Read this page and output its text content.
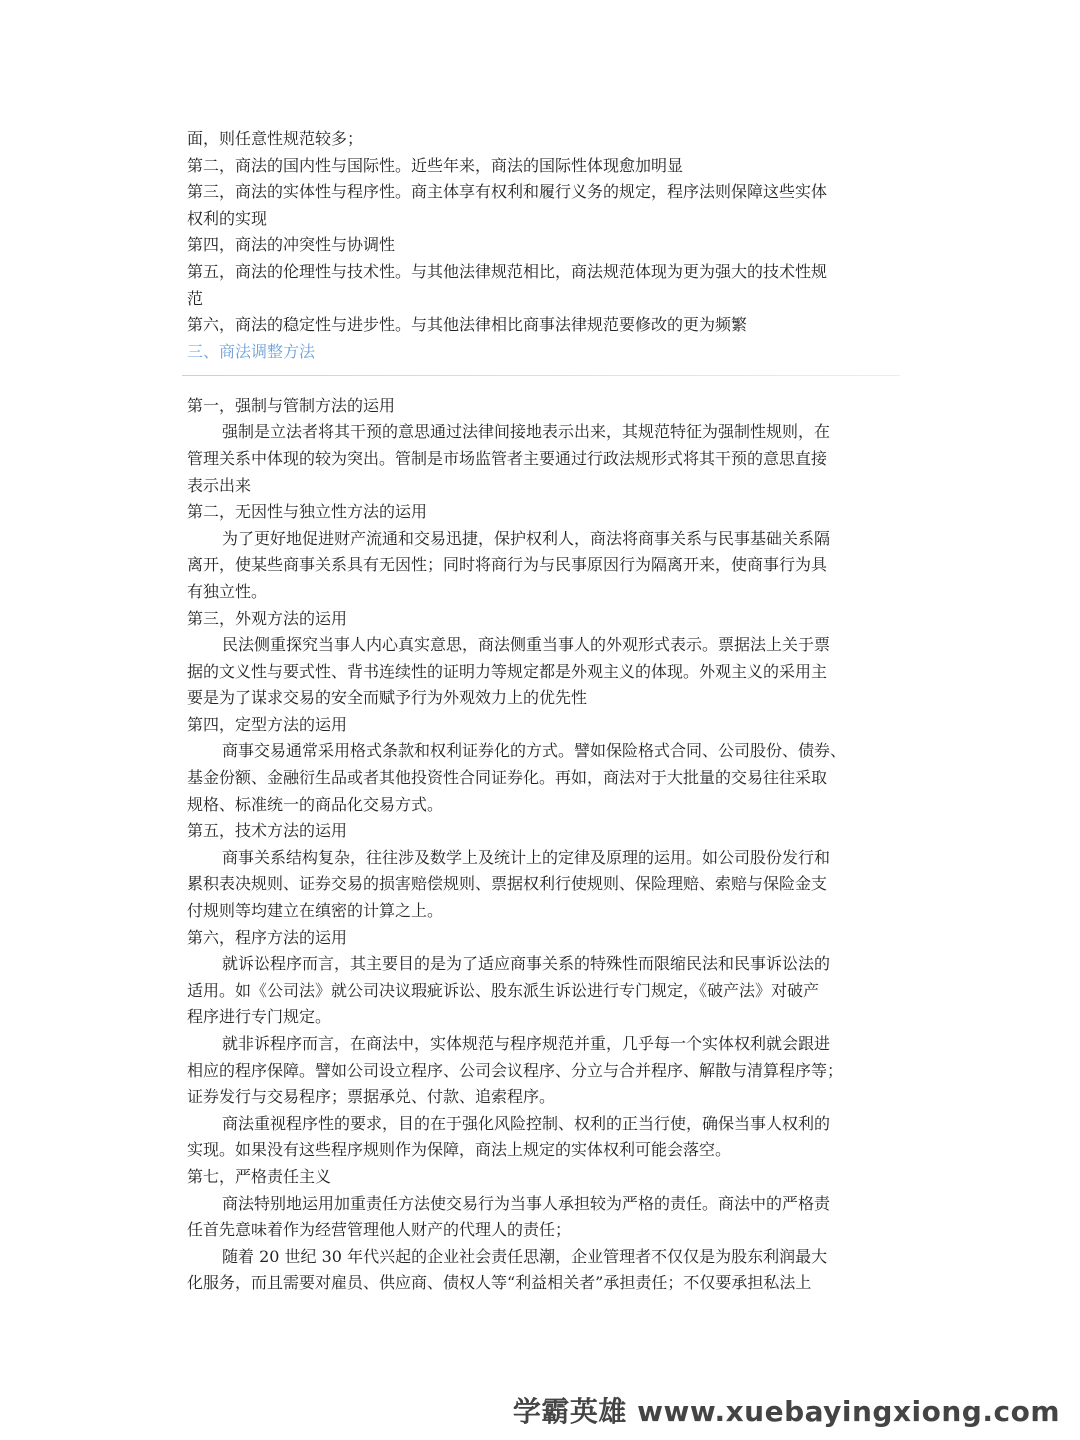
面，则任意性规范较多；
第二，商法的国内性与国际性。近些年来，商法的国际性体现愈加明显
第三，商法的实体性与程序性。商主体享有权利和履行义务的规定，程序法则保障这些实体
权利的实现
第四，商法的冲突性与协调性
第五，商法的伦理性与技术性。与其他法律规范相比，商法规范体现为更为强大的技术性规
范
第六，商法的稳定性与进步性。与其他法律相比商事法律规范要修改的更为频繁
三、商法调整方法
第一，强制与管制方法的运用
强制是立法者将其干预的意思通过法律间接地表示出来，其规范特征为强制性规则，在
管理关系中体现的较为突出。管制是市场监管者主要通过行政法规形式将其干预的意思直接
表示出来
第二，无因性与独立性方法的运用
为了更好地促进财产流通和交易迅捷，保护权利人，商法将商事关系与民事基础关系隔
离开，使某些商事关系具有无因性；同时将商行为与民事原因行为隔离开来，使商事行为具
有独立性。
第三，外观方法的运用
民法侧重探究当事人内心真实意思，商法侧重当事人的外观形式表示。票据法上关于票
据的文义性与要式性、背书连续性的证明力等规定都是外观主义的体现。外观主义的采用主
要是为了谋求交易的安全而赋予行为外观效力上的优先性
第四，定型方法的运用
商事交易通常采用格式条款和权利证券化的方式。譬如保险格式合同、公司股份、债券、
基金份额、金融衍生品或者其他投资性合同证券化。再如，商法对于大批量的交易往往采取
规格、标准统一的商品化交易方式。
第五，技术方法的运用
商事关系结构复杂，往往涉及数学上及统计上的定律及原理的运用。如公司股份发行和
累积表决规则、证券交易的损害赔偿规则、票据权利行使规则、保险理赔、索赔与保险金支
付规则等均建立在缜密的计算之上。
第六，程序方法的运用
就诉讼程序而言，其主要目的是为了适应商事关系的特殊性而限缩民法和民事诉讼法的
适用。如《公司法》就公司决议瑕疵诉讼、股东派生诉讼进行专门规定，《破产法》对破产
程序进行专门规定。
就非诉程序而言，在商法中，实体规范与程序规范并重，几乎每一个实体权利就会跟进
相应的程序保障。譬如公司设立程序、公司会议程序、分立与合并程序、解散与清算程序等；
证券发行与交易程序；票据承兑、付款、追索程序。
商法重视程序性的要求，目的在于强化风险控制、权利的正当行使，确保当事人权利的
实现。如果没有这些程序规则作为保障，商法上规定的实体权利可能会落空。
第七，严格责任主义
商法特别地运用加重责任方法使交易行为当事人承担较为严格的责任。商法中的严格责
任首先意味着作为经营管理他人财产的代理人的责任；
随着 20 世纪 30 年代兴起的企业社会责任思潮，企业管理者不仅仅是为股东利润最大
化服务，而且需要对雇员、供应商、债权人等“利益相关者”承担责任；不仅要承担私法上
学霸英雄 www.xuebayingxiong.com
